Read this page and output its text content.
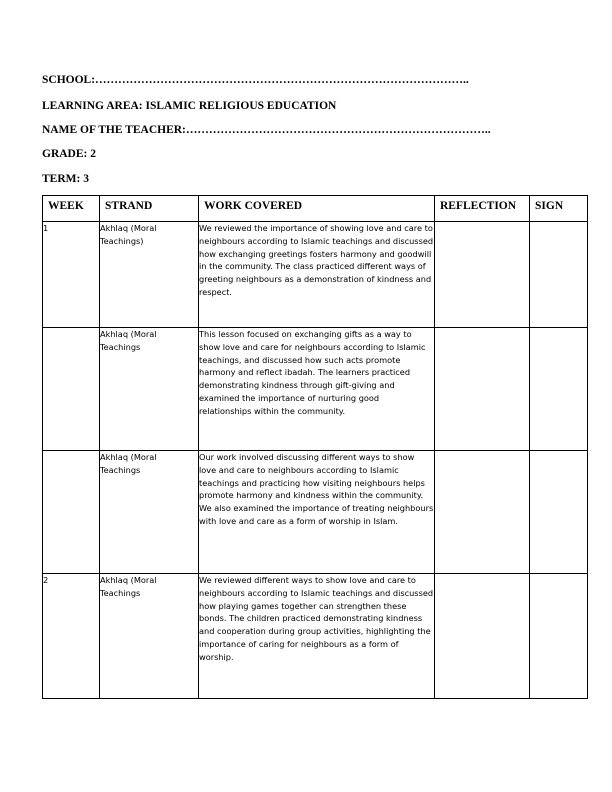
SCHOOL:……………………………………………………………………………………..
LEARNING AREA: ISLAMIC RELIGIOUS EDUCATION
NAME OF THE TEACHER:……………………………………………………………………..
GRADE: 2
TERM: 3
WEEK	STRAND	WORK COVERED	REFLECTION	SIGN
1	Akhlaq (Moral Teachings)	We reviewed the importance of showing love and care to neighbours according to Islamic teachings and discussed how exchanging greetings fosters harmony and goodwill in the community. The class practiced different ways of greeting neighbours as a demonstration of kindness and respect.		
	Akhlaq (Moral Teachings	This lesson focused on exchanging gifts as a way to show love and care for neighbours according to Islamic teachings, and discussed how such acts promote harmony and reflect ibadah. The learners practiced demonstrating kindness through gift-giving and examined the importance of nurturing good relationships within the community.		
	Akhlaq (Moral Teachings	Our work involved discussing different ways to show love and care to neighbours according to Islamic teachings and practicing how visiting neighbours helps promote harmony and kindness within the community. We also examined the importance of treating neighbours with love and care as a form of worship in Islam.		
2	Akhlaq (Moral Teachings	We reviewed different ways to show love and care to neighbours according to Islamic teachings and discussed how playing games together can strengthen these bonds. The children practiced demonstrating kindness and cooperation during group activities, highlighting the importance of caring for neighbours as a form of worship.		
